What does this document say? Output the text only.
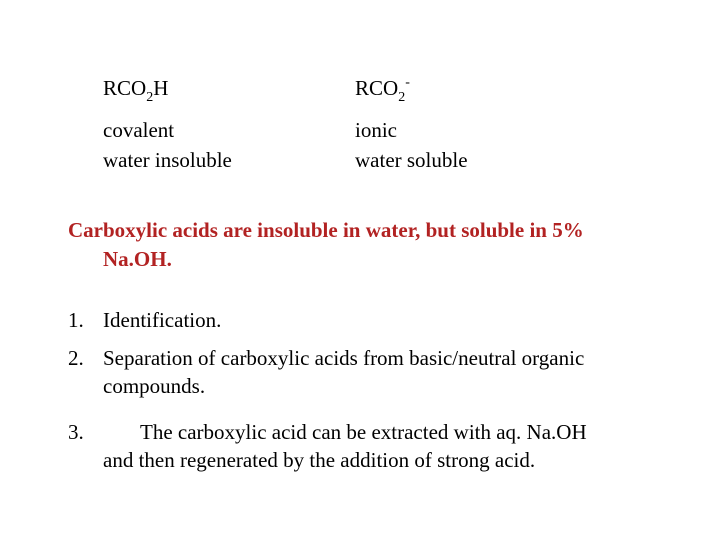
$RCO_2H$
covalent
water insoluble
$RCO_2^-$
ionic
water soluble
Carboxylic acids are insoluble in water, but soluble in 5%
Na.OH.
1. Identification.
2. Separation of carboxylic acids from basic/neutral organic
compounds.
3.	The carboxylic acid can be extracted with aq. Na.OH
and then regenerated by the addition of strong acid.
